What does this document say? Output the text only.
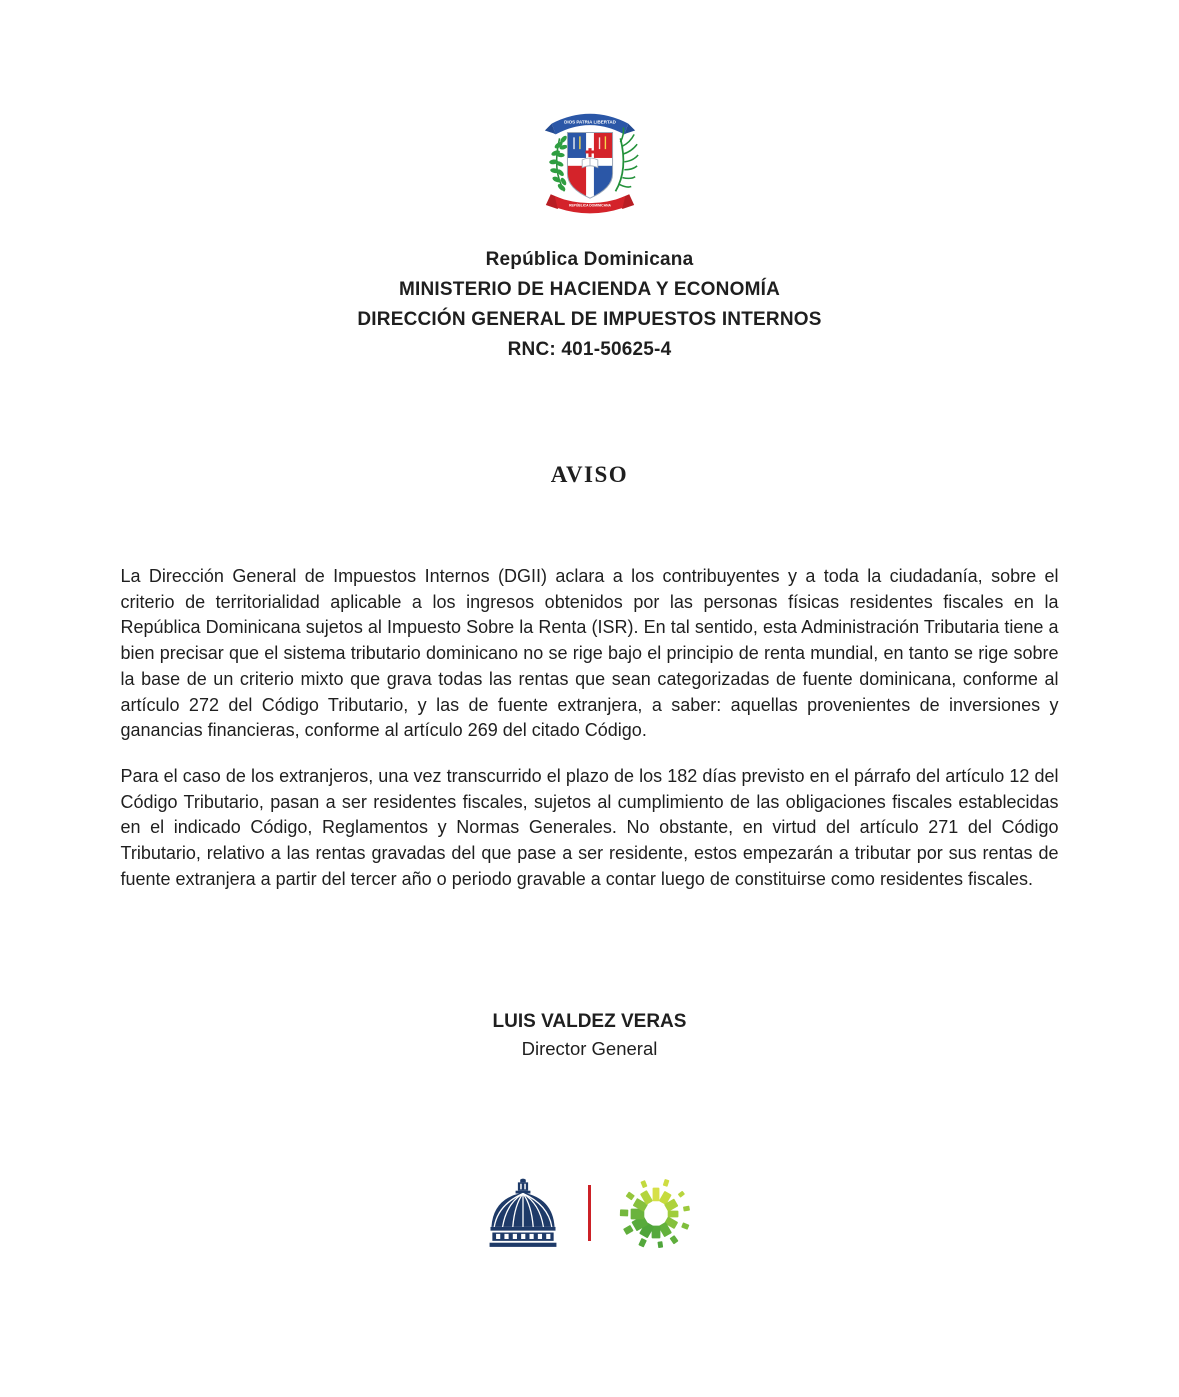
DIOS PATRIA LIBERTAD
REPÚBLICA DOMINICANA
República Dominicana
MINISTERIO DE HACIENDA Y ECONOMÍA
DIRECCIÓN GENERAL DE IMPUESTOS INTERNOS
RNC: 401-50625-4
AVISO

La Dirección General de Impuestos Internos (DGII) aclara a los contribuyentes y a toda la ciudadanía, sobre el criterio de territorialidad aplicable a los ingresos obtenidos por las personas físicas residentes fiscales en la República Dominicana sujetos al Impuesto Sobre la Renta (ISR). En tal sentido, esta Administración Tributaria tiene a bien precisar que el sistema tributario dominicano no se rige bajo el principio de renta mundial, en tanto se rige sobre la base de un criterio mixto que grava todas las rentas que sean categorizadas de fuente dominicana, conforme al artículo 272 del Código Tributario, y las de fuente extranjera, a saber: aquellas provenientes de inversiones y ganancias financieras, conforme al artículo 269 del citado Código.

Para el caso de los extranjeros, una vez transcurrido el plazo de los 182 días previsto en el párrafo del artículo 12 del Código Tributario, pasan a ser residentes fiscales, sujetos al cumplimiento de las obligaciones fiscales establecidas en el indicado Código, Reglamentos y Normas Generales. No obstante, en virtud del artículo 271 del Código Tributario, relativo a las rentas gravadas del que pase a ser residente, estos empezarán a tributar por sus rentas de fuente extranjera a partir del tercer año o periodo gravable a contar luego de constituirse como residentes fiscales.

LUIS VALDEZ VERAS
Director General
